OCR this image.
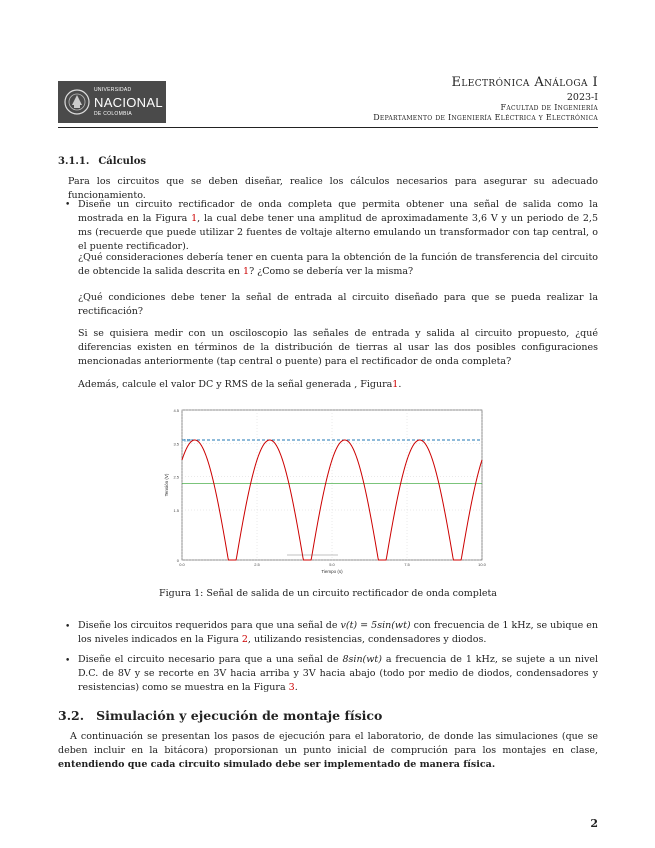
UNIVERSIDAD
NACIONAL
DE COLOMBIA
Electrónica Análoga I
2023-I
Facultad de Ingeniería
Departamento de Ingeniería Eléctrica y Electrónica
3.1.1. Cálculos
Para los circuitos que se deben diseñar, realice los cálculos necesarios para asegurar su adecuado funcionamiento.
• Diseñe un circuito rectificador de onda completa que permita obtener una señal de salida como la mostrada en la Figura 1, la cual debe tener una amplitud de aproximadamente 3,6 V y un periodo de 2,5 ms (recuerde que puede utilizar 2 fuentes de voltaje alterno emulando un transformador con tap central, o el puente rectificador).
¿Qué consideraciones debería tener en cuenta para la obtención de la función de transferencia del circuito de obtencide la salida descrita en 1? ¿Como se debería ver la misma?
¿Qué condiciones debe tener la señal de entrada al circuito diseñado para que se pueda realizar la rectificación?
Si se quisiera medir con un osciloscopio las señales de entrada y salida al circuito propuesto, ¿qué diferencias existen en términos de la distribución de tierras al usar las dos posibles configuraciones mencionadas anteriormente (tap central o puente) para el rectificador de onda completa?
Además, calcule el valor DC y RMS de la señal generada , Figura1.
0
1.5
2.5
3.5
4.5
0.0	2.5	5.0	7.5	10.0
Tiempo (s)
Tensión (V)
3.600
Figura 1: Señal de salida de un circuito rectificador de onda completa
• Diseñe los circuitos requeridos para que una señal de v(t) = 5sin(wt) con frecuencia de 1 kHz, se ubique en los niveles indicados en la Figura 2, utilizando resistencias, condensadores y diodos.
• Diseñe el circuito necesario para que a una señal de 8sin(wt) a frecuencia de 1 kHz, se sujete a un nivel D.C. de 8V y se recorte en 3V hacia arriba y 3V hacia abajo (todo por medio de diodos, condensadores y resistencias) como se muestra en la Figura 3.
3.2. Simulación y ejecución de montaje físico
A continuación se presentan los pasos de ejecución para el laboratorio, de donde las simulaciones (que se deben incluir en la bitácora) proporsionan un punto inicial de comprución para los montajes en clase, entendiendo que cada circuito simulado debe ser implementado de manera física.
2
